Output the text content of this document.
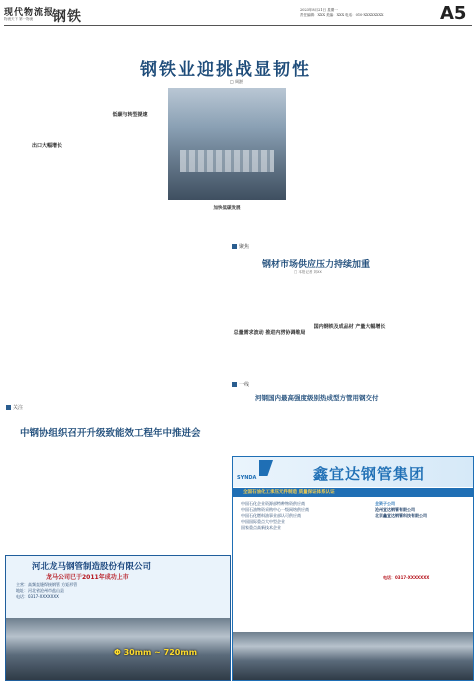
现代物流报
物流天下 第一物流 钢铁	2023年8月21日 星期一
责任编辑：XXX 美编：XXX 电话：010-XXXXXXXX	A5
钢铁业迎挑战显韧性
□ 周湛
出口大幅增长
低碳与转型提速
加快低碳发展
聚焦
钢材市场供应压力持续加重
□ 本报记者 刘XX
总量需求波动 推进内涝协调维局
国内钢铁及成品材 产量大幅增长
一线
河钢国内最高强度级别热成型方管用钢交付
关注
中钢协组织召开升级致能效工程年中推进会
河北龙马钢管制造股份有限公司
龙马公司已于2011年成功上市
主营：高频直缝焊接钢管 方矩形管
地址：河北省沧州市盐山县
电话：0317-XXXXXXX
Φ 30mm ~ 720mm
SYNDA	鑫宜达钢管集团
全国石油化工承压元件制造 质量保证体系认证
中国石化企业资源部特种物资供应商
中国石油物资采购中心一级网络供应商
中国石化燃料油事业部认可供应商
中国国际重点大中型企业
国家重点高新技术企业
全资子公司
沧州宜达钢管有限公司
北京鑫宜达钢管科技有限公司
电话：0317-XXXXXXX
